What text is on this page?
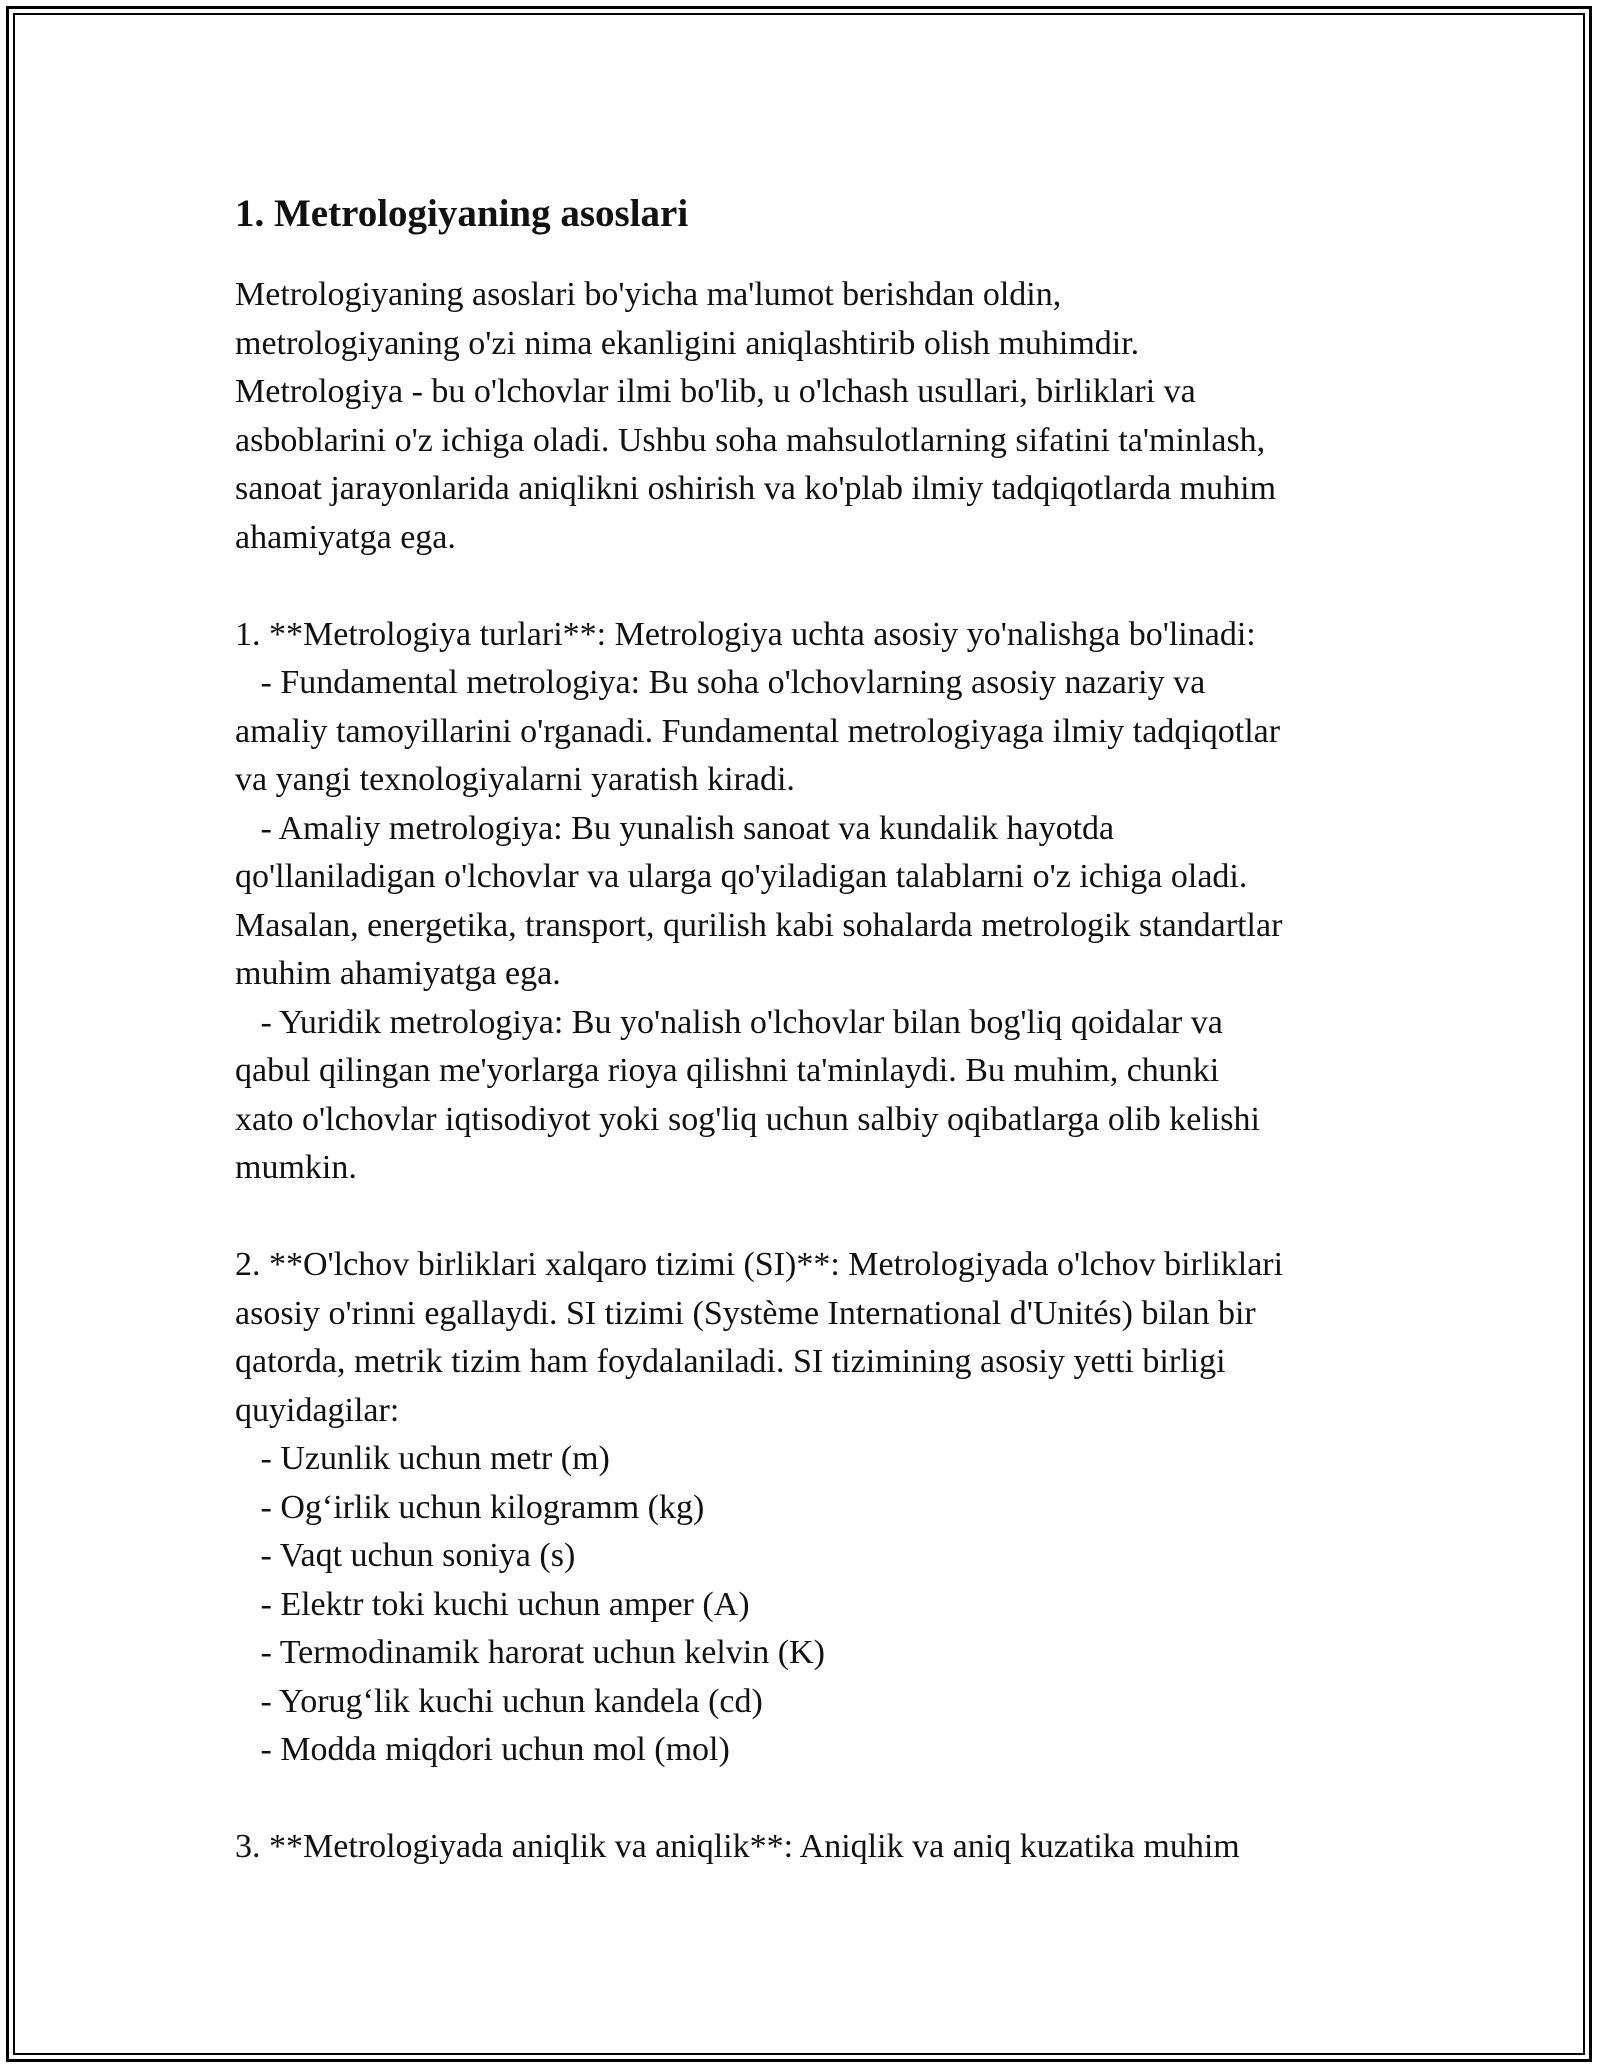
1. Metrologiyaning asoslari

Metrologiyaning asoslari bo'yicha ma'lumot berishdan oldin,
metrologiyaning o'zi nima ekanligini aniqlashtirib olish muhimdir.
Metrologiya - bu o'lchovlar ilmi bo'lib, u o'lchash usullari, birliklari va
asboblarini o'z ichiga oladi. Ushbu soha mahsulotlarning sifatini ta'minlash,
sanoat jarayonlarida aniqlikni oshirish va ko'plab ilmiy tadqiqotlarda muhim
ahamiyatga ega.

1. **Metrologiya turlari**: Metrologiya uchta asosiy yo'nalishga bo'linadi:
- Fundamental metrologiya: Bu soha o'lchovlarning asosiy nazariy va
amaliy tamoyillarini o'rganadi. Fundamental metrologiyaga ilmiy tadqiqotlar
va yangi texnologiyalarni yaratish kiradi.
- Amaliy metrologiya: Bu yunalish sanoat va kundalik hayotda
qo'llaniladigan o'lchovlar va ularga qo'yiladigan talablarni o'z ichiga oladi.
Masalan, energetika, transport, qurilish kabi sohalarda metrologik standartlar
muhim ahamiyatga ega.
- Yuridik metrologiya: Bu yo'nalish o'lchovlar bilan bog'liq qoidalar va
qabul qilingan me'yorlarga rioya qilishni ta'minlaydi. Bu muhim, chunki
xato o'lchovlar iqtisodiyot yoki sog'liq uchun salbiy oqibatlarga olib kelishi
mumkin.

2. **O'lchov birliklari xalqaro tizimi (SI)**: Metrologiyada o'lchov birliklari
asosiy o'rinni egallaydi. SI tizimi (Système International d'Unités) bilan bir
qatorda, metrik tizim ham foydalaniladi. SI tizimining asosiy yetti birligi
quyidagilar:
- Uzunlik uchun metr (m)
- Og‘irlik uchun kilogramm (kg)
- Vaqt uchun soniya (s)
- Elektr toki kuchi uchun amper (A)
- Termodinamik harorat uchun kelvin (K)
- Yorug‘lik kuchi uchun kandela (cd)
- Modda miqdori uchun mol (mol)

3. **Metrologiyada aniqlik va aniqlik**: Aniqlik va aniq kuzatika muhim
